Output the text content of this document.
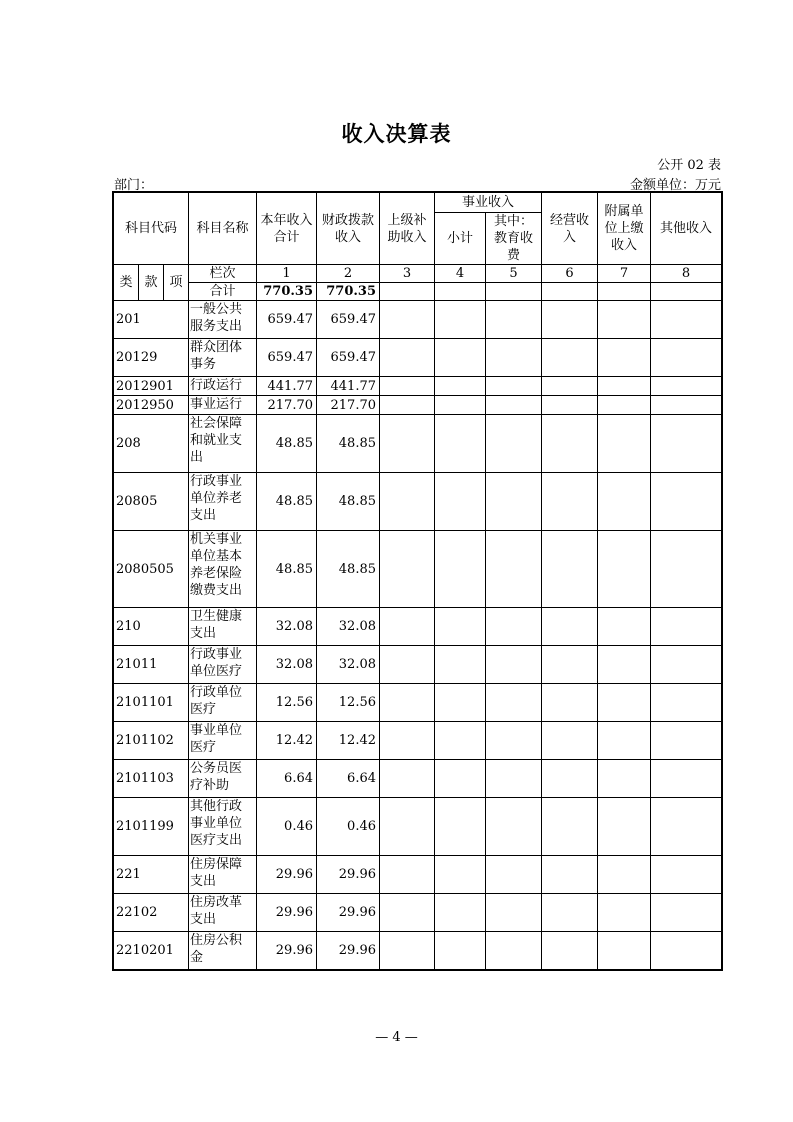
收入决算表
公开 02 表
部门：	金额单位：万元
科目代码			科目名称	本年收入合计	财政拨款收入	上级补助收入	事业收入		经营收入	附属单位上缴收入	其他收入
							小计	其中：教育收费			
类	款	项	栏次	1	2	3	4	5	6	7	8
			合计	770.35	770.35						
201			一般公共服务支出	659.47	659.47						
20129			群众团体事务	659.47	659.47						
2012901			行政运行	441.77	441.77						
2012950			事业运行	217.70	217.70						
208			社会保障和就业支出	48.85	48.85						
20805			行政事业单位养老支出	48.85	48.85						
2080505			机关事业单位基本养老保险缴费支出	48.85	48.85						
210			卫生健康支出	32.08	32.08						
21011			行政事业单位医疗	32.08	32.08						
2101101			行政单位医疗	12.56	12.56						
2101102			事业单位医疗	12.42	12.42						
2101103			公务员医疗补助	6.64	6.64						
2101199			其他行政事业单位医疗支出	0.46	0.46						
221			住房保障支出	29.96	29.96						
22102			住房改革支出	29.96	29.96						
2210201			住房公积金	29.96	29.96						
— 4 —
